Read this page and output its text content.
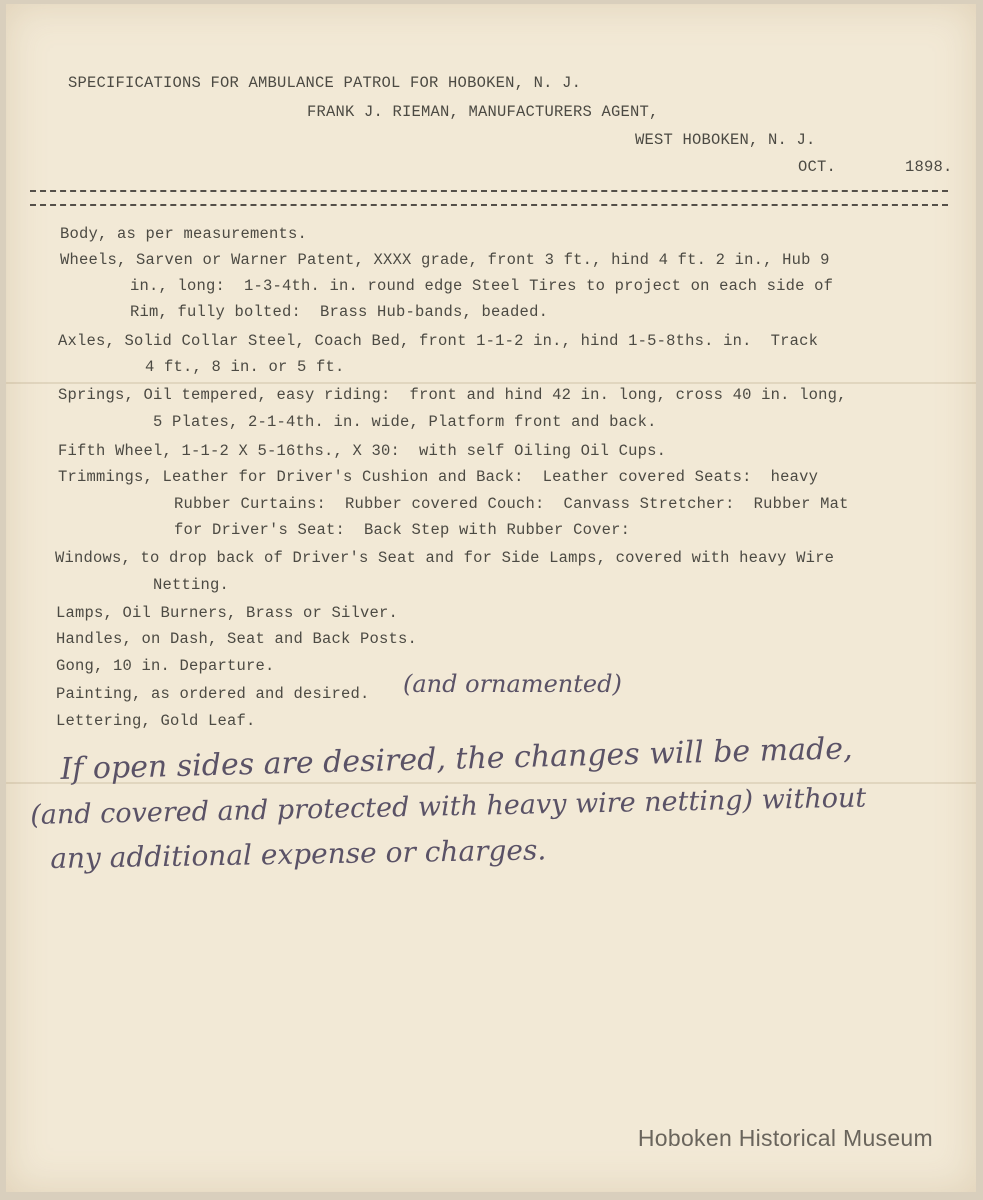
SPECIFICATIONS FOR AMBULANCE PATROL FOR HOBOKEN, N. J.
FRANK J. RIEMAN, MANUFACTURERS AGENT,
WEST HOBOKEN, N. J.
OCT.	1898.
Body, as per measurements.
Wheels, Sarven or Warner Patent, XXXX grade, front 3 ft., hind 4 ft. 2 in., Hub 9
in., long:  1-3-4th. in. round edge Steel Tires to project on each side of
Rim, fully bolted:  Brass Hub-bands, beaded.
Axles, Solid Collar Steel, Coach Bed, front 1-1-2 in., hind 1-5-8ths. in.  Track
4 ft., 8 in. or 5 ft.
Springs, Oil tempered, easy riding:  front and hind 42 in. long, cross 40 in. long,
5 Plates, 2-1-4th. in. wide, Platform front and back.
Fifth Wheel, 1-1-2 X 5-16ths., X 30:  with self Oiling Oil Cups.
Trimmings, Leather for Driver's Cushion and Back:  Leather covered Seats:  heavy
Rubber Curtains:  Rubber covered Couch:  Canvass Stretcher:  Rubber Mat
for Driver's Seat:  Back Step with Rubber Cover:
Windows, to drop back of Driver's Seat and for Side Lamps, covered with heavy Wire
Netting.
Lamps, Oil Burners, Brass or Silver.
Handles, on Dash, Seat and Back Posts.
Gong, 10 in. Departure.
Painting, as ordered and desired.
Lettering, Gold Leaf.
(and ornamented)
If open sides are desired, the changes will be made,
(and covered and protected with heavy wire netting) without
any additional expense or charges.
Hoboken Historical Museum
